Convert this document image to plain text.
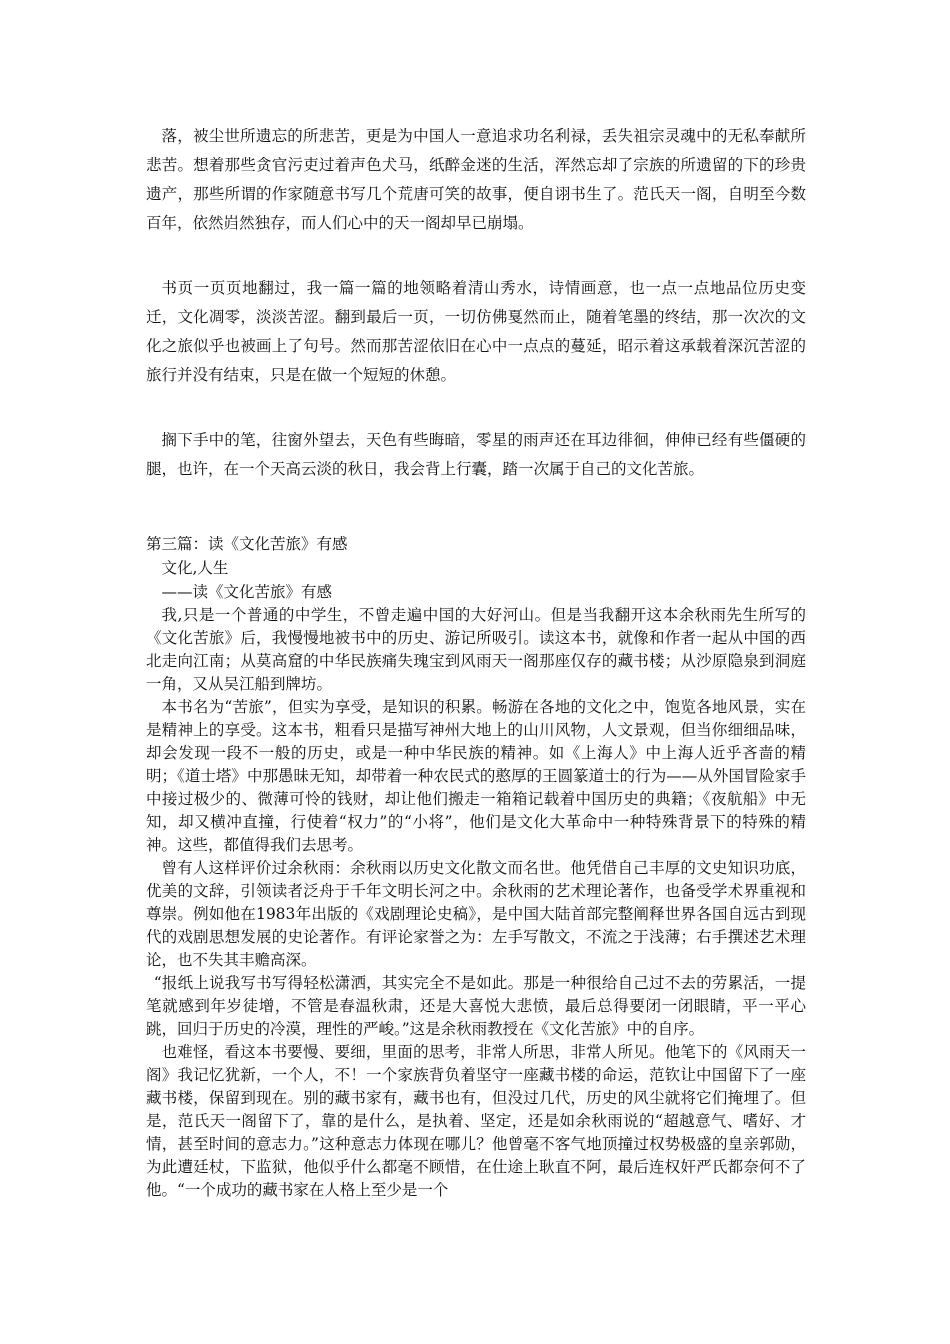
落，被尘世所遗忘的所悲苦，更是为中国人一意追求功名利禄，丢失祖宗灵魂中的无私奉献所悲苦。想着那些贪官污吏过着声色犬马，纸醉金迷的生活，浑然忘却了宗族的所遗留的下的珍贵遗产，那些所谓的作家随意书写几个荒唐可笑的故事，便自诩书生了。范氏天一阁，自明至今数百年，依然岿然独存，而人们心中的天一阁却早已崩塌。

书页一页页地翻过，我一篇一篇的地领略着清山秀水，诗情画意，也一点一点地品位历史变迁，文化凋零，淡淡苦涩。翻到最后一页，一切仿佛戛然而止，随着笔墨的终结，那一次次的文化之旅似乎也被画上了句号。然而那苦涩依旧在心中一点点的蔓延，昭示着这承载着深沉苦涩的旅行并没有结束，只是在做一个短短的休憩。

搁下手中的笔，往窗外望去，天色有些晦暗，零星的雨声还在耳边徘徊，伸伸已经有些僵硬的腿，也许，在一个天高云淡的秋日，我会背上行囊，踏一次属于自己的文化苦旅。

第三篇：读《文化苦旅》有感

文化,人生

——读《文化苦旅》有感

我,只是一个普通的中学生，不曾走遍中国的大好河山。但是当我翻开这本余秋雨先生所写的《文化苦旅》后，我慢慢地被书中的历史、游记所吸引。读这本书，就像和作者一起从中国的西北走向江南；从莫高窟的中华民族痛失瑰宝到风雨天一阁那座仅存的藏书楼；从沙原隐泉到洞庭一角，又从吴江船到牌坊。

本书名为“苦旅”，但实为享受，是知识的积累。畅游在各地的文化之中，饱览各地风景，实在是精神上的享受。这本书，粗看只是描写神州大地上的山川风物，人文景观，但当你细细品味，却会发现一段不一般的历史，或是一种中华民族的精神。如《上海人》中上海人近乎吝啬的精明；《道士塔》中那愚昧无知，却带着一种农民式的憨厚的王圆篆道士的行为——从外国冒险家手中接过极少的、微薄可怜的钱财，却让他们搬走一箱箱记载着中国历史的典籍；《夜航船》中无知，却又横冲直撞，行使着“权力”的“小将”，他们是文化大革命中一种特殊背景下的特殊的精神。这些，都值得我们去思考。

曾有人这样评价过余秋雨：余秋雨以历史文化散文而名世。他凭借自己丰厚的文史知识功底，优美的文辞，引领读者泛舟于千年文明长河之中。余秋雨的艺术理论著作，也备受学术界重视和尊崇。例如他在1983年出版的《戏剧理论史稿》，是中国大陆首部完整阐释世界各国自远古到现代的戏剧思想发展的史论著作。有评论家誉之为：左手写散文，不流之于浅薄；右手撰述艺术理论，也不失其丰赡高深。

“报纸上说我写书写得轻松潇洒，其实完全不是如此。那是一种很给自己过不去的劳累活，一提笔就感到年岁徒增，不管是春温秋肃，还是大喜悦大悲愤，最后总得要闭一闭眼睛，平一平心跳，回归于历史的冷漠，理性的严峻。”这是余秋雨教授在《文化苦旅》中的自序。

也难怪，看这本书要慢、要细，里面的思考，非常人所思，非常人所见。他笔下的《风雨天一阁》我记忆犹新，一个人，不！一个家族背负着坚守一座藏书楼的命运，范钦让中国留下了一座藏书楼，保留到现在。别的藏书家有，藏书也有，但没过几代，历史的风尘就将它们掩埋了。但是，范氏天一阁留下了，靠的是什么，是执着、坚定，还是如余秋雨说的“超越意气、嗜好、才情，甚至时间的意志力。”这种意志力体现在哪儿？他曾毫不客气地顶撞过权势极盛的皇亲郭勋，为此遭廷杖，下监狱，他似乎什么都毫不顾惜，在仕途上耿直不阿，最后连权奸严氏都奈何不了他。“一个成功的藏书家在人格上至少是一个
